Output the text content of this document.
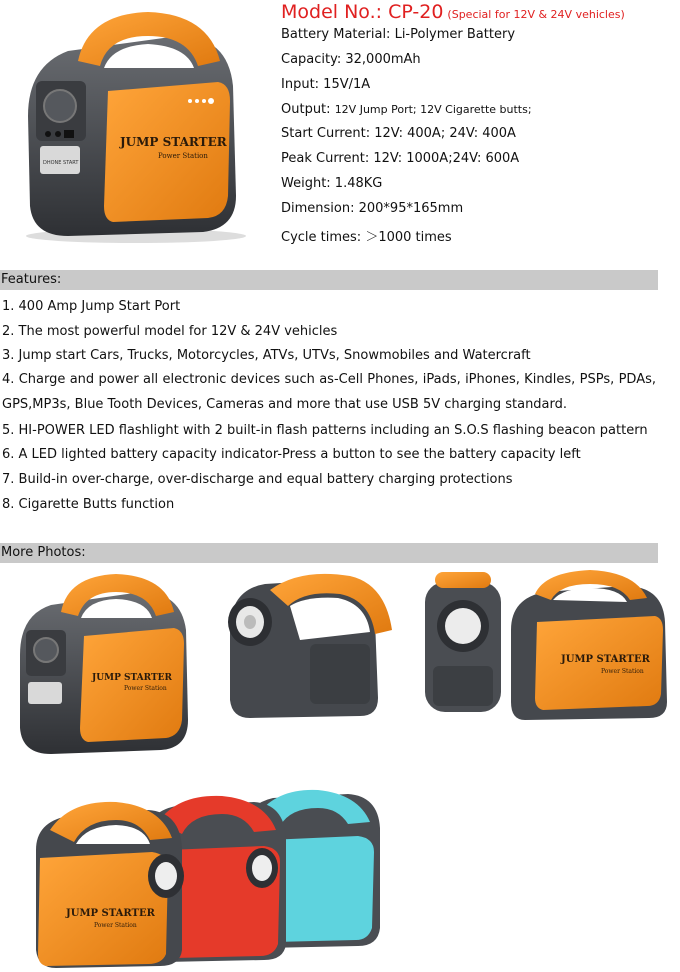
DHONE START
JUMP STARTER
Power Station
Model No.: CP-20 (Special for 12V & 24V vehicles)
Battery Material: Li-Polymer Battery
Capacity: 32,000mAh
Input: 15V/1A
Output: 12V Jump Port; 12V Cigarette butts;
Start Current: 12V: 400A; 24V: 400A
Peak Current: 12V: 1000A;24V: 600A
Weight: 1.48KG
Dimension: 200*95*165mm
Cycle times: ＞1000 times
Features:
1. 400 Amp Jump Start Port
2. The most powerful model for 12V & 24V vehicles
3. Jump start Cars, Trucks, Motorcycles, ATVs, UTVs, Snowmobiles and Watercraft
4. Charge and power all electronic devices such as-Cell Phones, iPads, iPhones, Kindles, PSPs, PDAs, GPS,MP3s, Blue Tooth Devices, Cameras and more that use USB 5V charging standard.
5. HI-POWER LED flashlight with 2 built-in flash patterns including an S.O.S flashing beacon pattern
6. A LED lighted battery capacity indicator-Press a button to see the battery capacity left
7. Build-in over-charge, over-discharge and equal battery charging protections
8. Cigarette Butts function
More Photos:
JUMP STARTER
Power Station
JUMP STARTER
Power Station
JUMP STARTER
Power Station
